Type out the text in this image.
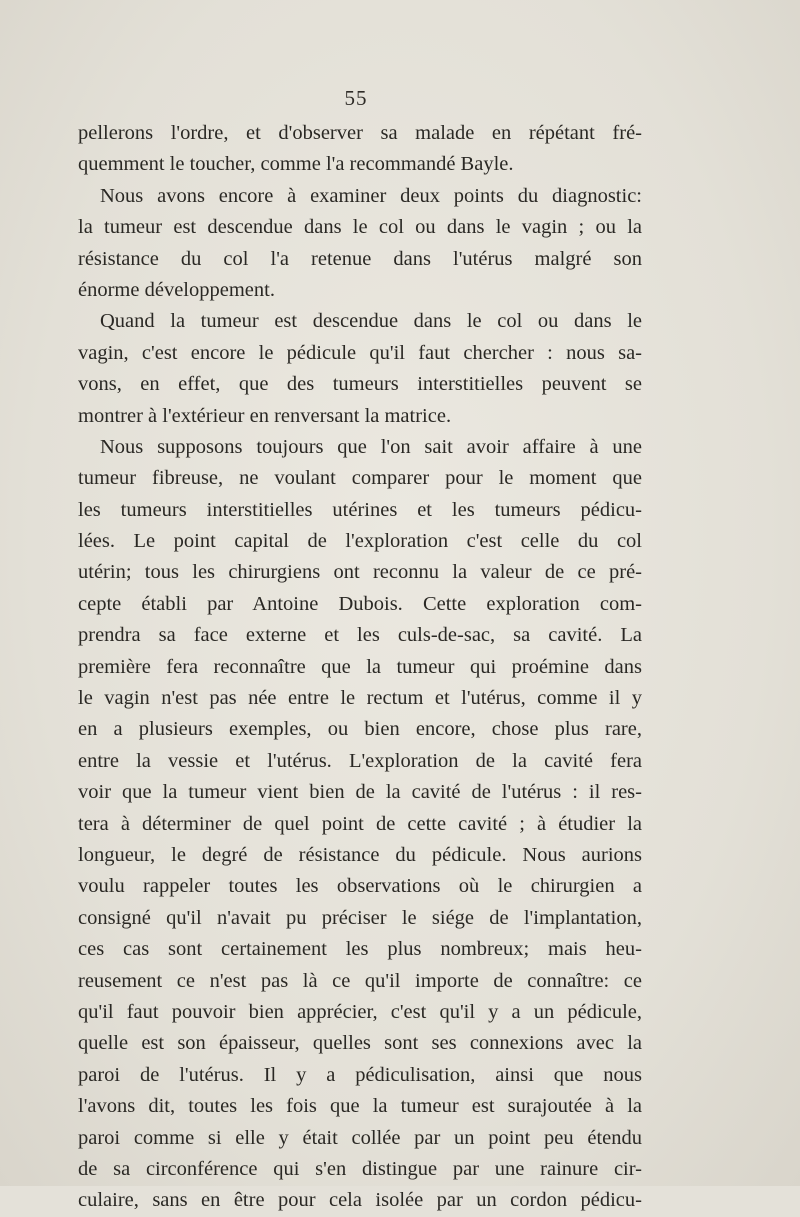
55
pellerons l'ordre, et d'observer sa malade en répétant fré-
quemment le toucher, comme l'a recommandé Bayle.
Nous avons encore à examiner deux points du diagnostic:
la tumeur est descendue dans le col ou dans le vagin ; ou la
résistance du col l'a retenue dans l'utérus malgré son
énorme développement.
Quand la tumeur est descendue dans le col ou dans le
vagin, c'est encore le pédicule qu'il faut chercher : nous sa-
vons, en effet, que des tumeurs interstitielles peuvent se
montrer à l'extérieur en renversant la matrice.
Nous supposons toujours que l'on sait avoir affaire à une
tumeur fibreuse, ne voulant comparer pour le moment que
les tumeurs interstitielles utérines et les tumeurs pédicu-
lées. Le point capital de l'exploration c'est celle du col
utérin; tous les chirurgiens ont reconnu la valeur de ce pré-
cepte établi par Antoine Dubois. Cette exploration com-
prendra sa face externe et les culs-de-sac, sa cavité. La
première fera reconnaître que la tumeur qui proémine dans
le vagin n'est pas née entre le rectum et l'utérus, comme il y
en a plusieurs exemples, ou bien encore, chose plus rare,
entre la vessie et l'utérus. L'exploration de la cavité fera
voir que la tumeur vient bien de la cavité de l'utérus : il res-
tera à déterminer de quel point de cette cavité ; à étudier la
longueur, le degré de résistance du pédicule. Nous aurions
voulu rappeler toutes les observations où le chirurgien a
consigné qu'il n'avait pu préciser le siége de l'implantation,
ces cas sont certainement les plus nombreux; mais heu-
reusement ce n'est pas là ce qu'il importe de connaître: ce
qu'il faut pouvoir bien apprécier, c'est qu'il y a un pédicule,
quelle est son épaisseur, quelles sont ses connexions avec la
paroi de l'utérus. Il y a pédiculisation, ainsi que nous
l'avons dit, toutes les fois que la tumeur est surajoutée à la
paroi comme si elle y était collée par un point peu étendu
de sa circonférence qui s'en distingue par une rainure cir-
culaire, sans en être pour cela isolée par un cordon pédicu-
